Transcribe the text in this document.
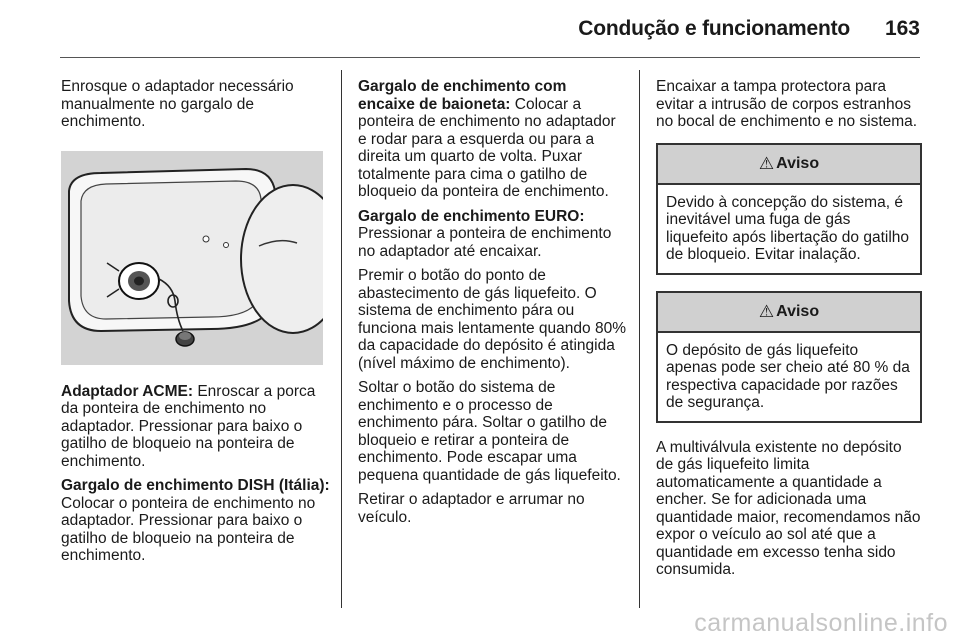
Condução e funcionamento 163

Enrosque o adaptador necessário manualmente no gargalo de enchimento.

Adaptador ACME: Enroscar a porca da ponteira de enchimento no adaptador. Pressionar para baixo o gatilho de bloqueio na ponteira de enchimento.

Gargalo de enchimento DISH (Itália): Colocar o ponteira de enchimento no adaptador. Pressionar para baixo o gatilho de bloqueio na ponteira de enchimento.

Gargalo de enchimento com encaixe de baioneta: Colocar a ponteira de enchimento no adaptador e rodar para a esquerda ou para a direita um quarto de volta. Puxar totalmente para cima o gatilho de bloqueio da ponteira de enchimento.

Gargalo de enchimento EURO:
Pressionar a ponteira de enchimento no adaptador até encaixar.

Premir o botão do ponto de abastecimento de gás liquefeito. O sistema de enchimento pára ou funciona mais lentamente quando 80% da capacidade do depósito é atingida (nível máximo de enchimento).

Soltar o botão do sistema de enchimento e o processo de enchimento pára. Soltar o gatilho de bloqueio e retirar a ponteira de enchimento. Pode escapar uma pequena quantidade de gás liquefeito.

Retirar o adaptador e arrumar no veículo.

Encaixar a tampa protectora para evitar a intrusão de corpos estranhos no bocal de enchimento e no sistema.

⚠ Aviso
Devido à concepção do sistema, é inevitável uma fuga de gás liquefeito após libertação do gatilho de bloqueio. Evitar inalação.
⚠ Aviso
O depósito de gás liquefeito apenas pode ser cheio até 80 % da respectiva capacidade por razões de segurança.

A multiválvula existente no depósito de gás liquefeito limita automaticamente a quantidade a encher. Se for adicionada uma quantidade maior, recomendamos não expor o veículo ao sol até que a quantidade em excesso tenha sido consumida.

carmanualsonline.info
